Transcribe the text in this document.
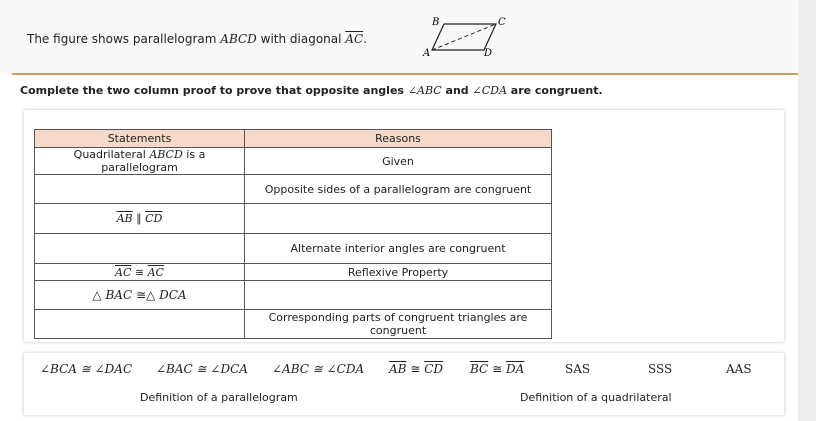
The figure shows parallelogram ABCD with diagonal $\overline{AC}$.
A
B	C
D
Complete the two column proof to prove that opposite angles ∠ABC and ∠CDA are congruent.
Statements	Reasons
Quadrilateral ABCD is a parallelogram	Given
	Opposite sides of a parallelogram are congruent
$\overline{AB}$ ∥ $\overline{CD}$	
	Alternate interior angles are congruent
$\overline{AC}$ ≅ $\overline{AC}$	Reflexive Property
△ BAC ≅△ DCA	
	Corresponding parts of congruent triangles are congruent
∠BCA ≅ ∠DAC ∠BAC ≅ ∠DCA ∠ABC ≅ ∠CDA $\overline{AB}$ ≅ $\overline{CD}$ $\overline{BC}$ ≅ $\overline{DA}$	SAS	SSS	AAS
Definition of a parallelogram	Definition of a quadrilateral
